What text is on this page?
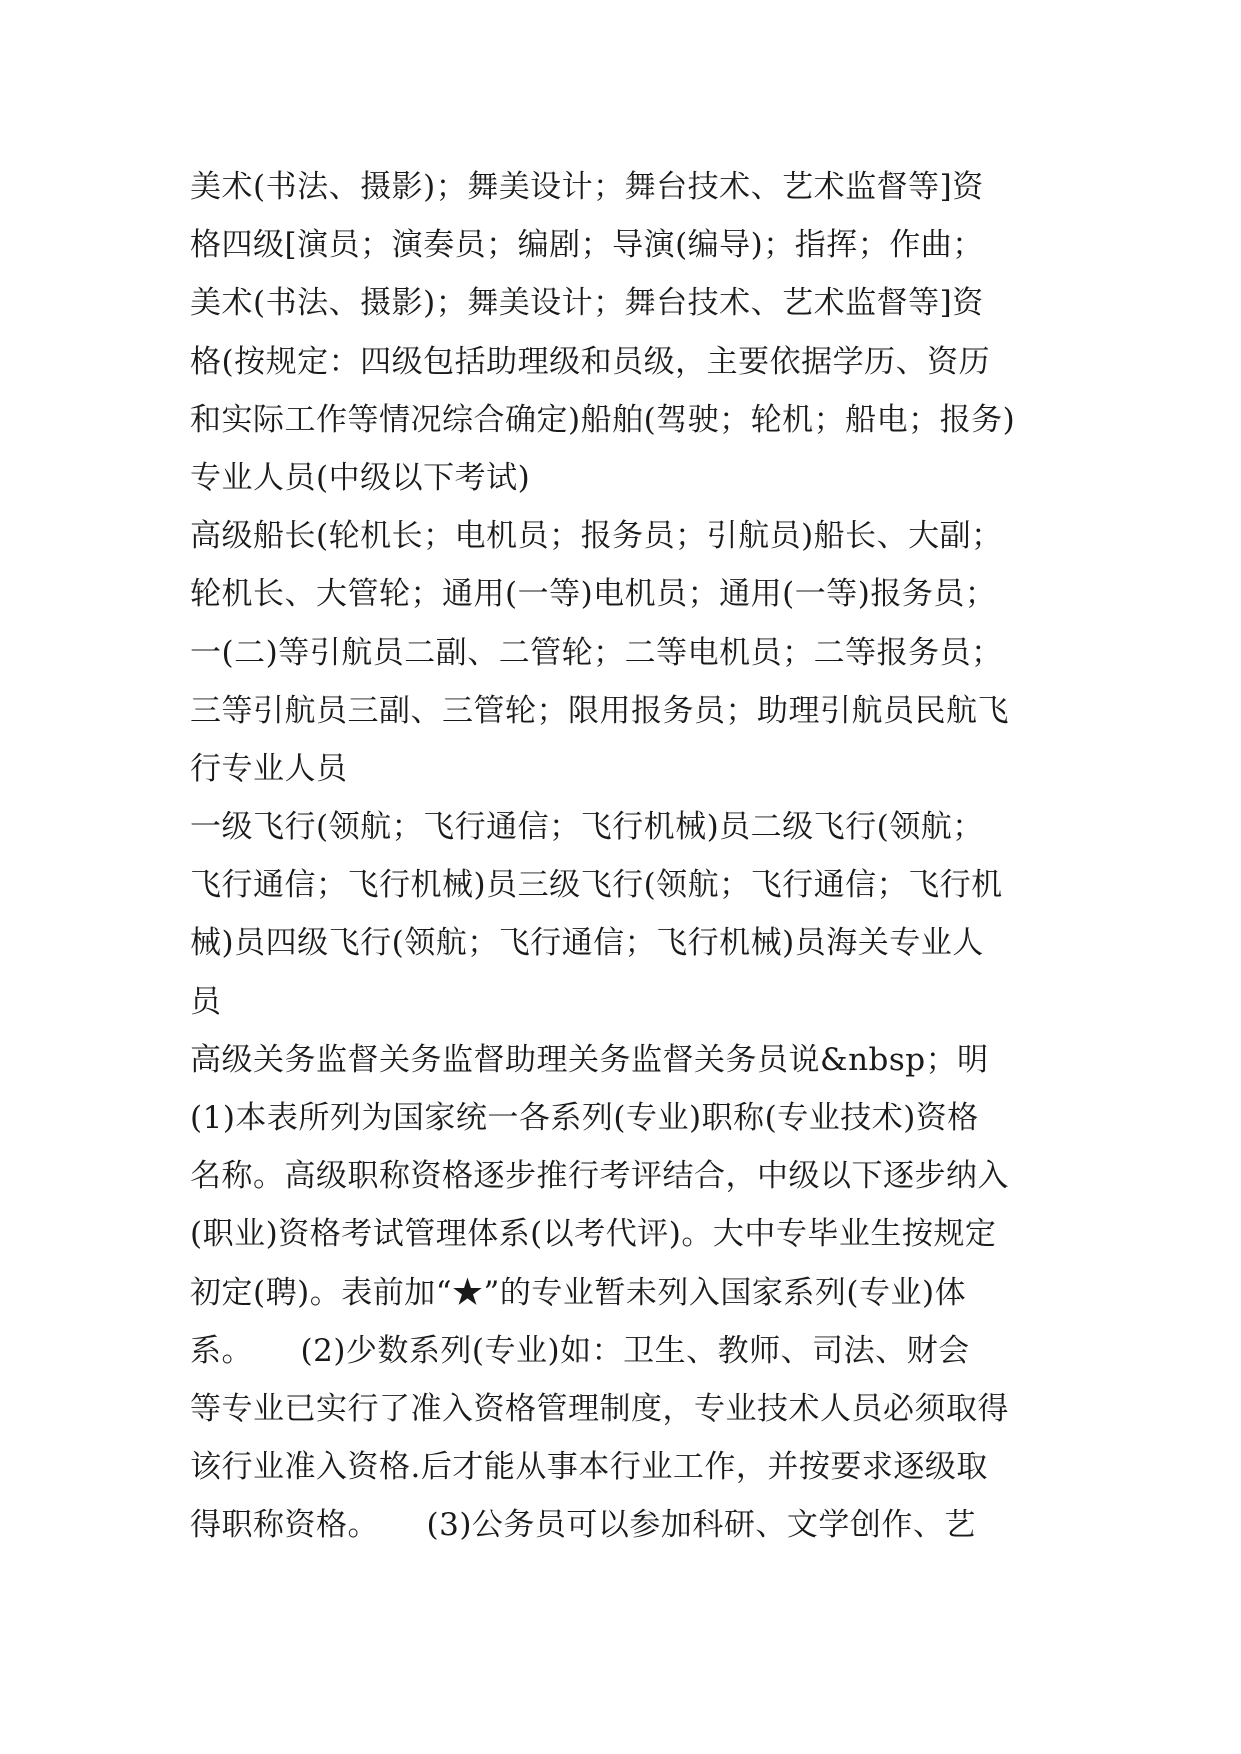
美术(书法、摄影)；舞美设计；舞台技术、艺术监督等]资
格四级[演员；演奏员；编剧；导演(编导)；指挥；作曲；
美术(书法、摄影)；舞美设计；舞台技术、艺术监督等]资
格(按规定：四级包括助理级和员级，主要依据学历、资历
和实际工作等情况综合确定)船舶(驾驶；轮机；船电；报务)
专业人员(中级以下考试)
高级船长(轮机长；电机员；报务员；引航员)船长、大副；
轮机长、大管轮；通用(一等)电机员；通用(一等)报务员；
一(二)等引航员二副、二管轮；二等电机员；二等报务员；
三等引航员三副、三管轮；限用报务员；助理引航员民航飞
行专业人员
一级飞行(领航；飞行通信；飞行机械)员二级飞行(领航；
飞行通信；飞行机械)员三级飞行(领航；飞行通信；飞行机
械)员四级飞行(领航；飞行通信；飞行机械)员海关专业人
员
高级关务监督关务监督助理关务监督关务员说&nbsp；明
(1)本表所列为国家统一各系列(专业)职称(专业技术)资格
名称。高级职称资格逐步推行考评结合，中级以下逐步纳入
(职业)资格考试管理体系(以考代评)。大中专毕业生按规定
初定(聘)。表前加“★”的专业暂未列入国家系列(专业)体
系。　　(2)少数系列(专业)如：卫生、教师、司法、财会
等专业已实行了准入资格管理制度，专业技术人员必须取得
该行业准入资格.后才能从事本行业工作，并按要求逐级取
得职称资格。　　(3)公务员可以参加科研、文学创作、艺
